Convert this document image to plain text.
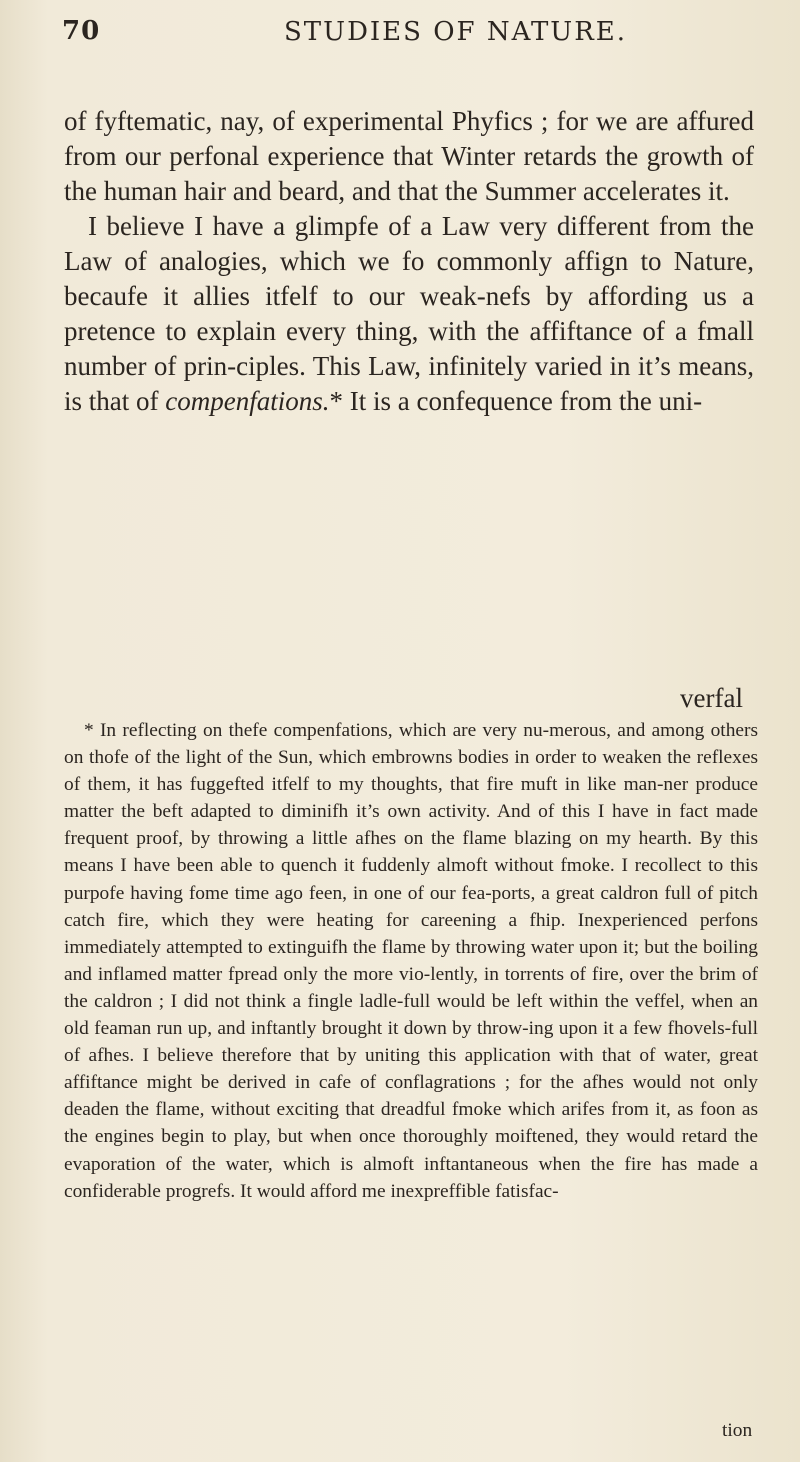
70	STUDIES OF NATURE.

of fyftematic, nay, of experimental Phyfics ; for we are affured from our perfonal experience that Winter retards the growth of the human hair and beard, and that the Summer accelerates it.

I believe I have a glimpfe of a Law very different from the Law of analogies, which we fo commonly affign to Nature, becaufe it allies itfelf to our weak-nefs by affording us a pretence to explain every thing, with the affiftance of a fmall number of prin-ciples. This Law, infinitely varied in it’s means, is that of compenfations.* It is a confequence from the uni-

verfal

* In reflecting on thefe compenfations, which are very nu-merous, and among others on thofe of the light of the Sun, which embrowns bodies in order to weaken the reflexes of them, it has fuggefted itfelf to my thoughts, that fire muft in like man-ner produce matter the beft adapted to diminifh it’s own activity. And of this I have in fact made frequent proof, by throwing a little afhes on the flame blazing on my hearth. By this means I have been able to quench it fuddenly almoft without fmoke. I recollect to this purpofe having fome time ago feen, in one of our fea-ports, a great caldron full of pitch catch fire, which they were heating for careening a fhip. Inexperienced perfons immediately attempted to extinguifh the flame by throwing water upon it; but the boiling and inflamed matter fpread only the more vio-lently, in torrents of fire, over the brim of the caldron ; I did not think a fingle ladle-full would be left within the veffel, when an old feaman run up, and inftantly brought it down by throw-ing upon it a few fhovels-full of afhes. I believe therefore that by uniting this application with that of water, great affiftance might be derived in cafe of conflagrations ; for the afhes would not only deaden the flame, without exciting that dreadful fmoke which arifes from it, as foon as the engines begin to play, but when once thoroughly moiftened, they would retard the evaporation of the water, which is almoft inftantaneous when the fire has made a confiderable progrefs. It would afford me inexpreffible fatisfac-

tion
